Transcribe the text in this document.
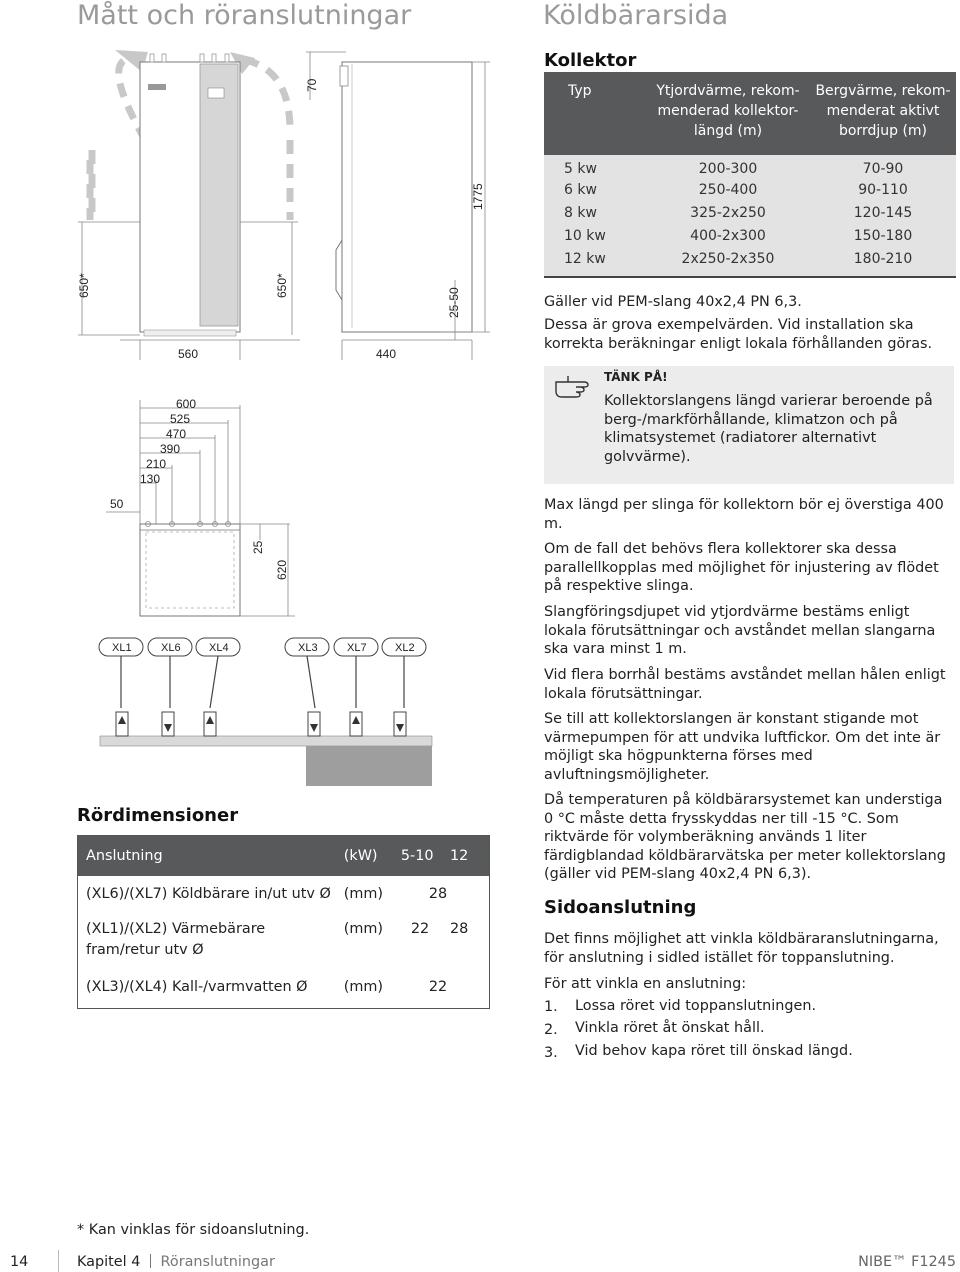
Mått och röranslutningar
560
650*	650*
70
1775
25-50
440
600
525
470
390
210
130
50
25
620
XL1	XL6	XL4	XL3	XL7	XL2
Rördimensioner
Anslutning	(kW)	5-10	12
(XL6)/(XL7) Köldbärare in/ut utv Ø	(mm)	28	
(XL1)/(XL2) Värmebärare fram/retur utv Ø	(mm)	22	28
(XL3)/(XL4) Kall-/varmvatten Ø	(mm)	22	
* Kan vinklas för sidoanslutning.
Köldbärarsida
Kollektor
Typ	Ytjordvärme, rekom-menderad kollektor-längd (m)	Bergvärme, rekom-menderat aktivt borrdjup (m)
5 kw	200-300	70-90
6 kw	250-400	90-110
8 kw	325-2x250	120-145
10 kw	400-2x300	150-180
12 kw	2x250-2x350	180-210
Gäller vid PEM-slang 40x2,4 PN 6,3.
Dessa är grova exempelvärden. Vid installation ska korrekta beräkningar enligt lokala förhållanden göras.
TÄNK PÅ!
Kollektorslangens längd varierar beroende på berg-/markförhållande, klimatzon och på klimatsystemet (radiatorer alternativt golvvärme).
Max längd per slinga för kollektorn bör ej överstiga 400 m.
Om de fall det behövs flera kollektorer ska dessa parallellkopplas med möjlighet för injustering av flödet på respektive slinga.
Slangföringsdjupet vid ytjordvärme bestäms enligt lokala förutsättningar och avståndet mellan slangarna ska vara minst 1 m.
Vid flera borrhål bestäms avståndet mellan hålen enligt lokala förutsättningar.
Se till att kollektorslangen är konstant stigande mot värmepumpen för att undvika luftfickor. Om det inte är möjligt ska högpunkterna förses med avluftningsmöjligheter.
Då temperaturen på köldbärarsystemet kan understiga 0 °C måste detta frysskyddas ner till -15 °C. Som riktvärde för volymberäkning används 1 liter färdigblandad köldbärarvätska per meter kollektorslang (gäller vid PEM-slang 40x2,4 PN 6,3).
Sidoanslutning
Det finns möjlighet att vinkla köldbäraranslutningarna, för anslutning i sidled istället för toppanslutning.
För att vinkla en anslutning:
1. Lossa röret vid toppanslutningen.
2. Vinkla röret åt önskat håll.
3. Vid behov kapa röret till önskad längd.
14	Kapitel 4 Röranslutningar	NIBE™ F1245
